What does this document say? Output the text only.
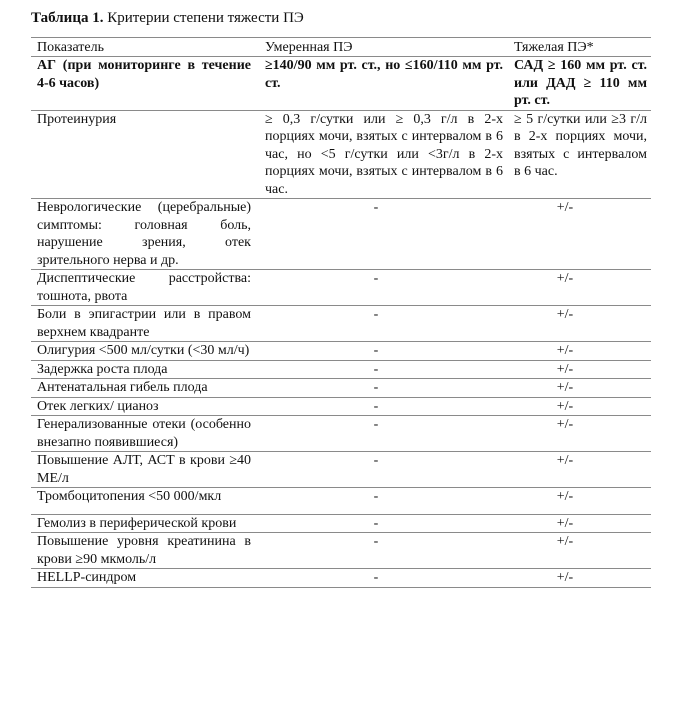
Таблица 1. Критерии степени тяжести ПЭ
Показатель	Умеренная ПЭ	Тяжелая ПЭ*
АГ (при мониторинге в течение 4-6 часов)	≥140/90 мм рт. ст., но ≤160/110 мм рт. ст.	САД ≥ 160 мм рт. ст. или ДАД ≥ 110 мм рт. ст.
Протеинурия	≥ 0,3 г/сутки или ≥ 0,3 г/л в 2-х порциях мочи, взятых с интервалом в 6 час, но <5 г/сутки или <3г/л в 2-х порциях мочи, взятых с интервалом в 6 час.	≥ 5 г/сутки или ≥3 г/л в 2-х порциях мочи, взятых с интервалом в 6 час.
Неврологические (церебральные) симптомы: головная боль, нарушение зрения, отек зрительного нерва и др.	-	+/-
Диспептические расстройства: тошнота, рвота	-	+/-
Боли в эпигастрии или в правом верхнем квадранте	-	+/-
Олигурия <500 мл/сутки (<30 мл/ч)	-	+/-
Задержка роста плода	-	+/-
Антенатальная гибель плода	-	+/-
Отек легких/ цианоз	-	+/-
Генерализованные отеки (особенно внезапно появившиеся)	-	+/-
Повышение АЛТ, АСТ в крови ≥40 МЕ/л	-	+/-
Тромбоцитопения <50 000/мкл	-	+/-
Гемолиз в периферической крови	-	+/-
Повышение уровня креатинина в крови ≥90 мкмоль/л	-	+/-
HELLP-синдром	-	+/-
